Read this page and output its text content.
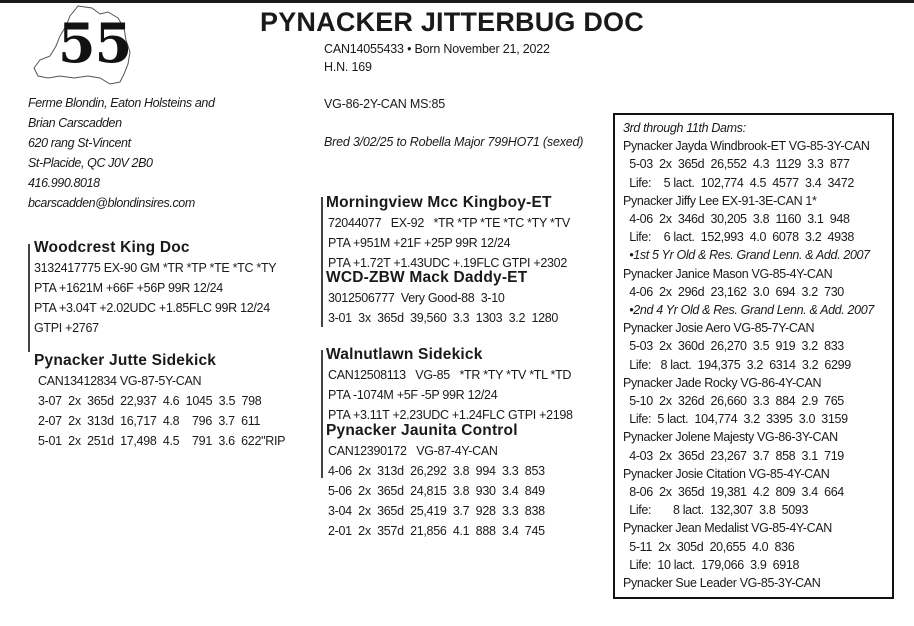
55	PYNACKER JITTERBUG DOC
CAN14055433 • Born November 21, 2022
H.N. 169
VG-86-2Y-CAN MS:85
Bred 3/02/25 to Robella Major 799HO71 (sexed)
Ferme Blondin, Eaton Holsteins and
Brian Carscadden
620 rang St-Vincent
St-Placide, QC J0V 2B0
416.990.8018
bcarscadden@blondinsires.com
Woodcrest King Doc
3132417775 EX-90 GM *TR *TP *TE *TC *TY
PTA +1621M +66F +56P 99R 12/24
PTA +3.04T +2.02UDC +1.85FLC 99R 12/24
GTPI +2767
Pynacker Jutte Sidekick
CAN13412834 VG-87-5Y-CAN
3-07  2x  365d  22,937  4.6  1045  3.5  798
2-07  2x  313d  16,717  4.8    796  3.7  611
5-01  2x  251d  17,498  4.5    791  3.6  622"RIP
Morningview Mcc Kingboy-ET
72044077   EX-92   *TR *TP *TE *TC *TY *TV
PTA +951M +21F +25P 99R 12/24
PTA +1.72T +1.43UDC +.19FLC GTPI +2302
WCD-ZBW Mack Daddy-ET
3012506777  Very Good-88  3-10
3-01  3x  365d  39,560  3.3  1303  3.2  1280
Walnutlawn Sidekick
CAN12508113   VG-85   *TR *TY *TV *TL *TD
PTA -1074M +5F -5P 99R 12/24
PTA +3.11T +2.23UDC +1.24FLC GTPI +2198
Pynacker Jaunita Control
CAN12390172   VG-87-4Y-CAN
4-06  2x  313d  26,292  3.8  994  3.3  853
5-06  2x  365d  24,815  3.8  930  3.4  849
3-04  2x  365d  25,419  3.7  928  3.3  838
2-01  2x  357d  21,856  4.1  888  3.4  745
3rd through 11th Dams:
Pynacker Jayda Windbrook-ET VG-85-3Y-CAN
5-03  2x  365d  26,552  4.3  1129  3.3  877
Life:    5 lact.  102,774  4.5  4577  3.4  3472
Pynacker Jiffy Lee EX-91-3E-CAN 1*
4-06  2x  346d  30,205  3.8  1160  3.1  948
Life:    6 lact.  152,993  4.0  6078  3.2  4938
•1st 5 Yr Old & Res. Grand Lenn. & Add. 2007
Pynacker Janice Mason VG-85-4Y-CAN
4-06  2x  296d  23,162  3.0  694  3.2  730
•2nd 4 Yr Old & Res. Grand Lenn. & Add. 2007
Pynacker Josie Aero VG-85-7Y-CAN
5-03  2x  360d  26,270  3.5  919  3.2  833
Life:   8 lact.  194,375  3.2  6314  3.2  6299
Pynacker Jade Rocky VG-86-4Y-CAN
5-10  2x  326d  26,660  3.3  884  2.9  765
Life:  5 lact.  104,774  3.2  3395  3.0  3159
Pynacker Jolene Majesty VG-86-3Y-CAN
4-03  2x  365d  23,267  3.7  858  3.1  719
Pynacker Josie Citation VG-85-4Y-CAN
8-06  2x  365d  19,381  4.2  809  3.4  664
Life:       8 lact.  132,307  3.8  5093
Pynacker Jean Medalist VG-85-4Y-CAN
5-11  2x  305d  20,655  4.0  836
Life:  10 lact.  179,066  3.9  6918
Pynacker Sue Leader VG-85-3Y-CAN
